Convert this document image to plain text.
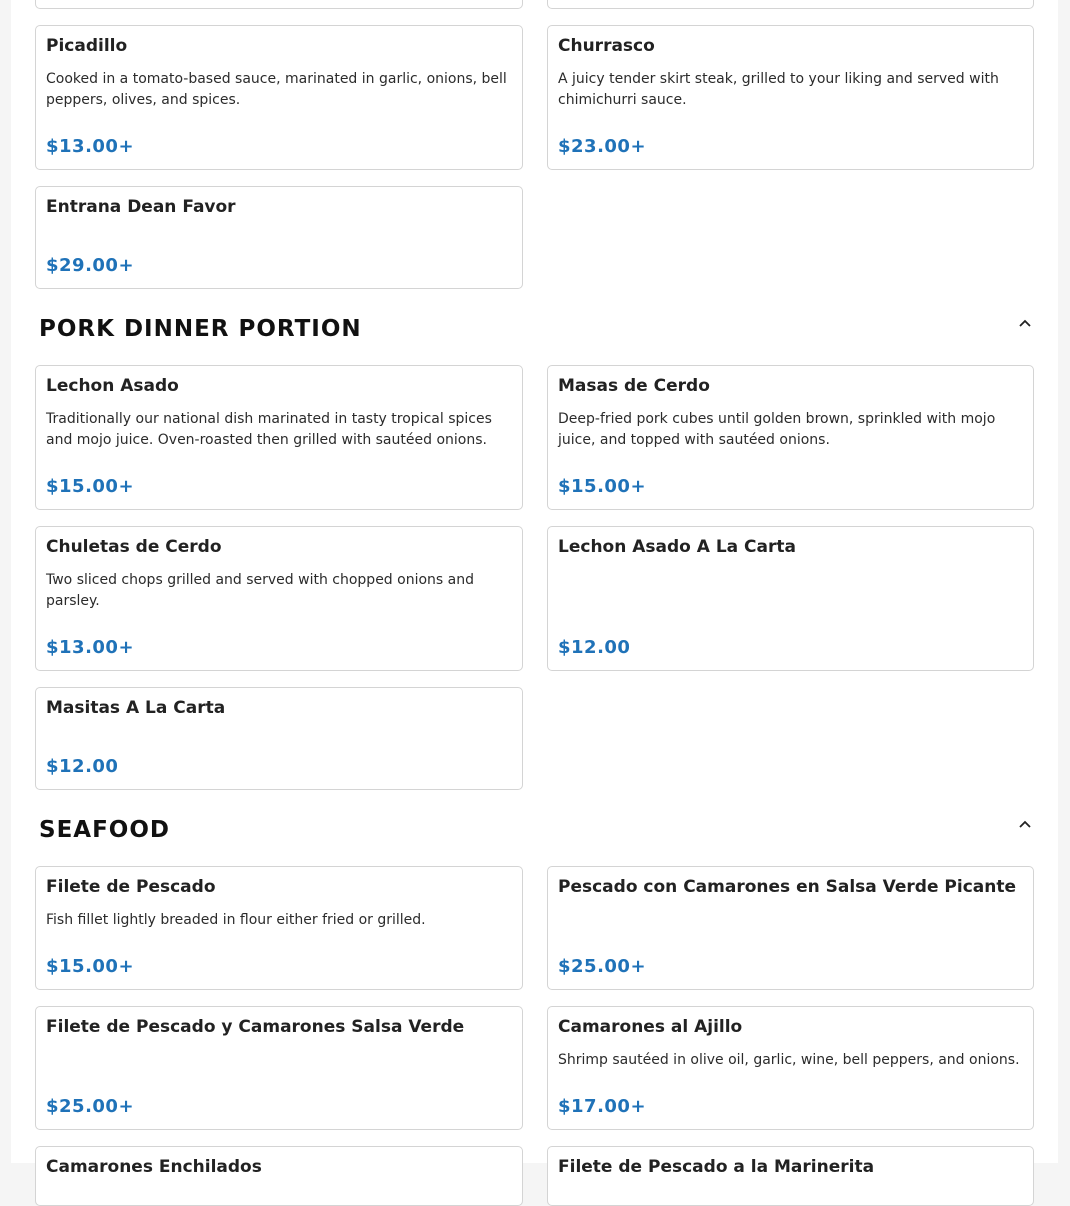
Picadillo
Cooked in a tomato-based sauce, marinated in garlic, onions, bell peppers, olives, and spices.
$13.00+
Churrasco
A juicy tender skirt steak, grilled to your liking and served with chimichurri sauce.
$23.00+
Entrana Dean Favor
$29.00+
PORK DINNER PORTION
Lechon Asado
Traditionally our national dish marinated in tasty tropical spices and mojo juice. Oven-roasted then grilled with sautéed onions.
$15.00+
Masas de Cerdo
Deep-fried pork cubes until golden brown, sprinkled with mojo juice, and topped with sautéed onions.
$15.00+
Chuletas de Cerdo
Two sliced chops grilled and served with chopped onions and parsley.
$13.00+
Lechon Asado A La Carta
$12.00
Masitas A La Carta
$12.00
SEAFOOD
Filete de Pescado
Fish fillet lightly breaded in flour either fried or grilled.
$15.00+
Pescado con Camarones en Salsa Verde Picante
$25.00+
Filete de Pescado y Camarones Salsa Verde
$25.00+
Camarones al Ajillo
Shrimp sautéed in olive oil, garlic, wine, bell peppers, and onions.
$17.00+
Camarones Enchilados	Filete de Pescado a la Marinerita
